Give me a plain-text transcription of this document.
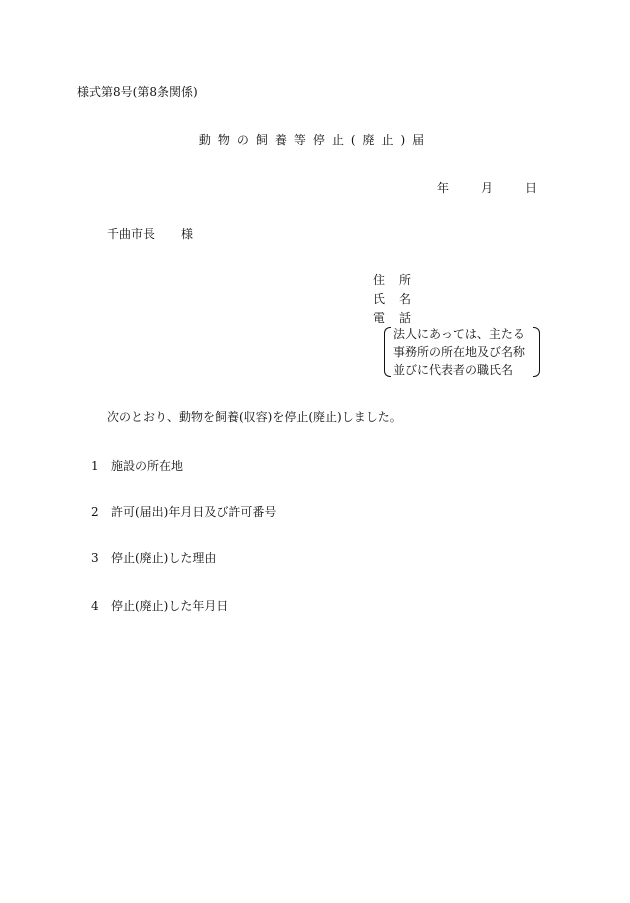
様式第8号(第8条関係)
動物の飼養等停止(廃止)届
年	月	日
千曲市長 様
住所
氏名
電話
法人にあっては、主たる
事務所の所在地及び名称
並びに代表者の職氏名
次のとおり、動物を飼養(収容)を停止(廃止)しました。
1 施設の所在地
2 許可(届出)年月日及び許可番号
3 停止(廃止)した理由
4 停止(廃止)した年月日
